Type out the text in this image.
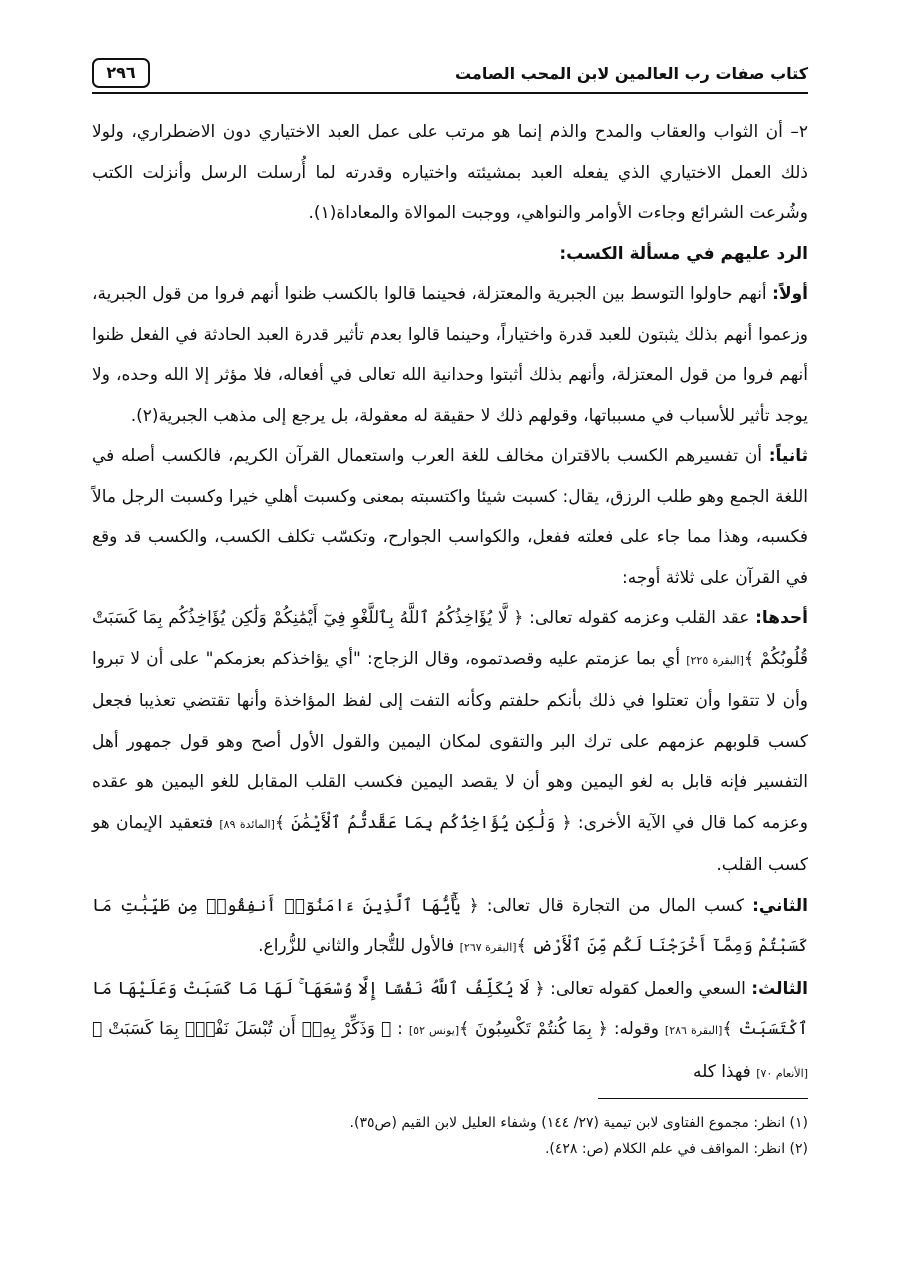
كتاب صفات رب العالمين لابن المحب الصامت
٢٩٦

٢– أن الثواب والعقاب والمدح والذم إنما هو مرتب على عمل العبد الاختياري دون الاضطراري، ولولا ذلك العمل الاختياري الذي يفعله العبد بمشيئته واختياره وقدرته لما أُرسلت الرسل وأنزلت الكتب وشُرعت الشرائع وجاءت الأوامر والنواهي، ووجبت الموالاة والمعاداة(١).

الرد عليهم في مسألة الكسب:

أولاً: أنهم حاولوا التوسط بين الجبرية والمعتزلة، فحينما قالوا بالكسب ظنوا أنهم فروا من قول الجبرية، وزعموا أنهم بذلك يثبتون للعبد قدرة واختياراً، وحينما قالوا بعدم تأثير قدرة العبد الحادثة في الفعل ظنوا أنهم فروا من قول المعتزلة، وأنهم بذلك أثبتوا وحدانية الله تعالى في أفعاله، فلا مؤثر إلا الله وحده، ولا يوجد تأثير للأسباب في مسبباتها، وقولهم ذلك لا حقيقة له معقولة، بل يرجع إلى مذهب الجبرية(٢).

ثانياً: أن تفسيرهم الكسب بالاقتران مخالف للغة العرب واستعمال القرآن الكريم، فالكسب أصله في اللغة الجمع وهو طلب الرزق، يقال: كسبت شيئا واكتسبته بمعنى وكسبت أهلي خيرا وكسبت الرجل مالاً فكسبه، وهذا مما جاء على فعلته ففعل، والكواسب الجوارح، وتكسّب تكلف الكسب، والكسب قد وقع في القرآن على ثلاثة أوجه:

أحدها: عقد القلب وعزمه كقوله تعالى: ﴿ لَّا يُؤَاخِذُكُمُ ٱللَّهُ بِٱللَّغْوِ فِيٓ أَيْمَٰنِكُمْ وَلَٰكِن يُؤَاخِذُكُم بِمَا كَسَبَتْ قُلُوبُكُمْ ﴾[البقرة ٢٢٥] أي بما عزمتم عليه وقصدتموه، وقال الزجاج: "أي يؤاخذكم بعزمكم" على أن لا تبروا وأن لا تتقوا وأن تعتلوا في ذلك بأنكم حلفتم وكأنه التفت إلى لفظ المؤاخذة وأنها تقتضي تعذيبا فجعل كسب قلوبهم عزمهم على ترك البر والتقوى لمكان اليمين والقول الأول أصح وهو قول جمهور أهل التفسير فإنه قابل به لغو اليمين وهو أن لا يقصد اليمين فكسب القلب المقابل للغو اليمين هو عقده وعزمه كما قال في الآية الأخرى: ﴿ وَلَٰكِن يُؤَاخِذُكُم بِمَا عَقَّدتُّمُ ٱلْأَيْمَٰنَ ﴾[المائدة ٨٩] فتعقيد الإيمان هو كسب القلب.

الثاني: كسب المال من التجارة قال تعالى: ﴿ يَٰٓأَيُّهَا ٱلَّذِينَ ءَامَنُوٓا۟ أَنفِقُوا۟ مِن طَيِّبَٰتِ مَا كَسَبْتُمْ وَمِمَّآ أَخْرَجْنَا لَكُم مِّنَ ٱلْأَرْضِ ﴾[البقرة ٢٦٧] فالأول للتُّجار والثاني للزُّراع.

الثالث: السعي والعمل كقوله تعالى: ﴿ لَا يُكَلِّفُ ٱللَّهُ نَفْسًا إِلَّا وُسْعَهَا ۚ لَهَا مَا كَسَبَتْ وَعَلَيْهَا مَا ٱكْتَسَبَتْ ﴾[البقرة ٢٨٦] وقوله: ﴿ بِمَا كُنتُمْ تَكْسِبُونَ ﴾[يونس ٥٢] : ﴿ وَذَكِّرْ بِهِۦٓ أَن تُبْسَلَ نَفْسٌۢ بِمَا كَسَبَتْ ﴾[الأنعام ٧٠] فهذا كله

(١) انظر: مجموع الفتاوى لابن تيمية (٢٧/ ١٤٤) وشفاء العليل لابن القيم (ص٣٥).

(٢) انظر: المواقف في علم الكلام (ص: ٤٢٨).
